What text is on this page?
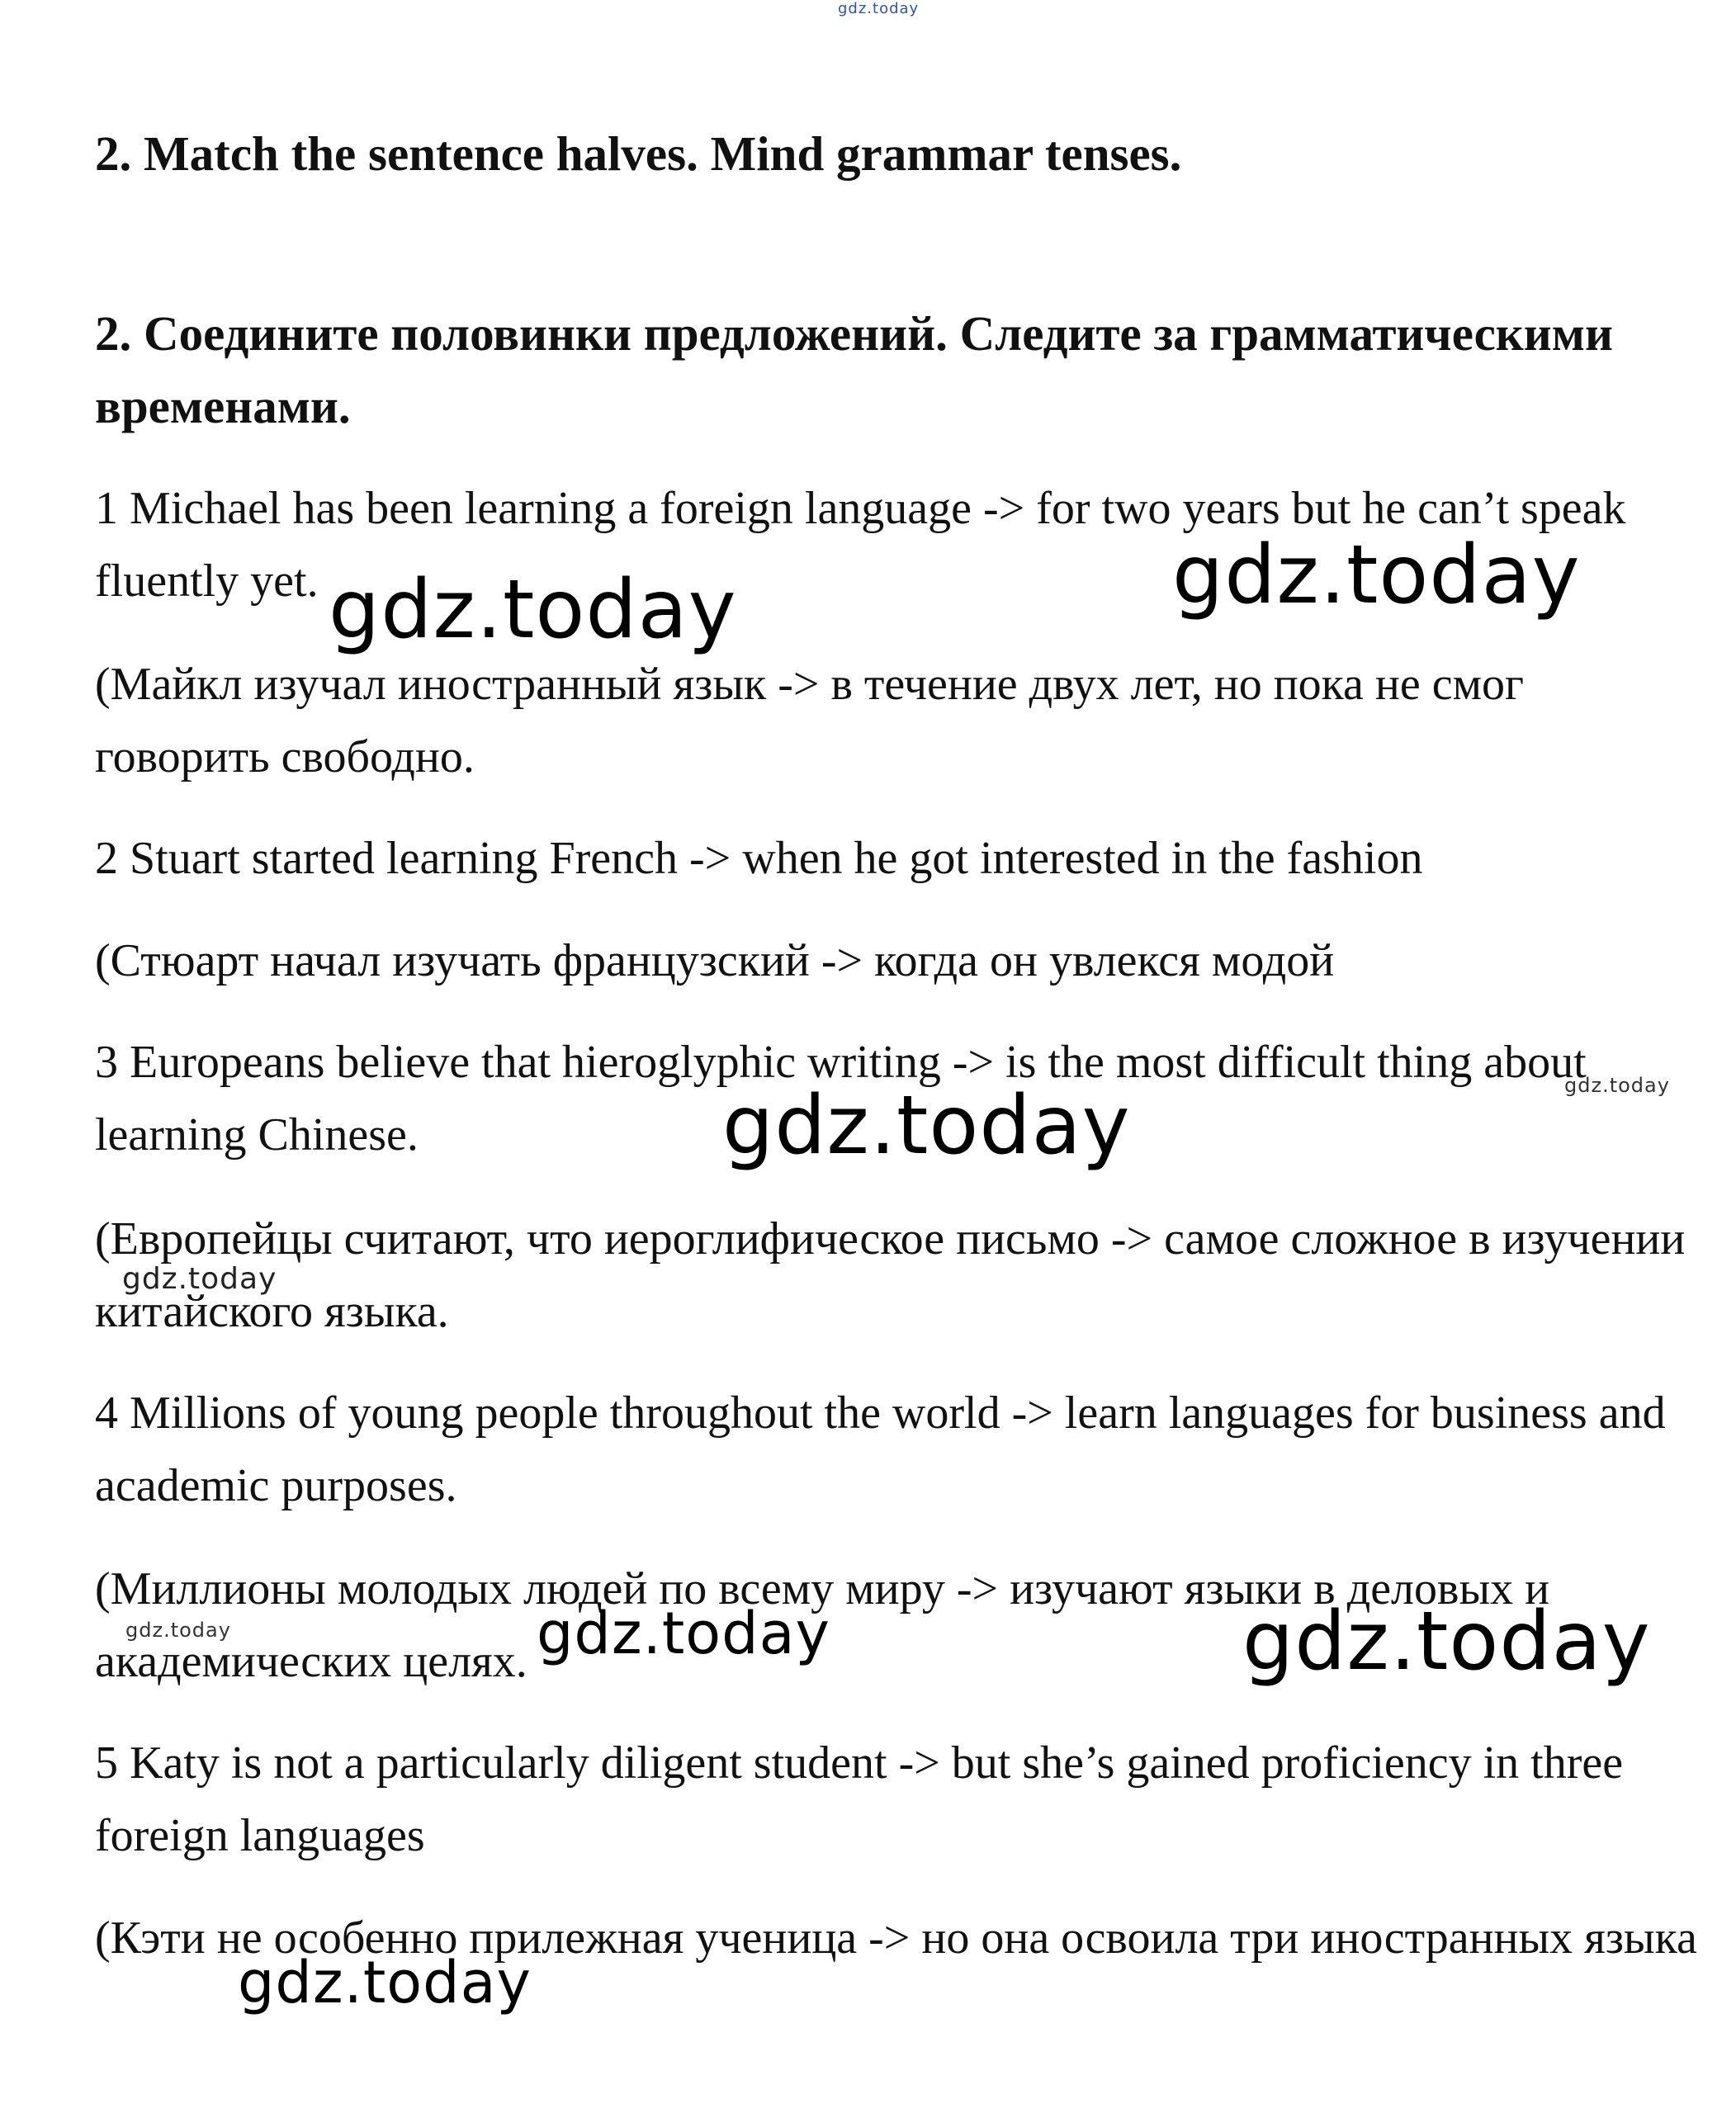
2. Match the sentence halves. Mind grammar tenses.

2. Соедините половинки предложений. Следите за грамматическими временами.

1 Michael has been learning a foreign language -> for two years but he can’t speak fluently yet.

(Майкл изучал иностранный язык -> в течение двух лет, но пока не смог говорить свободно.

2 Stuart started learning French -> when he got interested in the fashion

(Стюарт начал изучать французский -> когда он увлекся модой

3 Europeans believe that hieroglyphic writing -> is the most difficult thing about learning Chinese.

(Европейцы считают, что иероглифическое письмо -> самое сложное в изучении китайского языка.

4 Millions of young people throughout the world -> learn languages for business and academic purposes.

(Миллионы молодых людей по всему миру -> изучают языки в деловых и академических целях.

5 Katy is not a particularly diligent student -> but she’s gained proficiency in three foreign languages

(Кэти не особенно прилежная ученица -> но она освоила три иностранных языка

gdz.today
gdz.today	gdz.today
gdz.today
gdz.today
gdz.today
gdz.today	gdz.today	gdz.today
gdz.today
